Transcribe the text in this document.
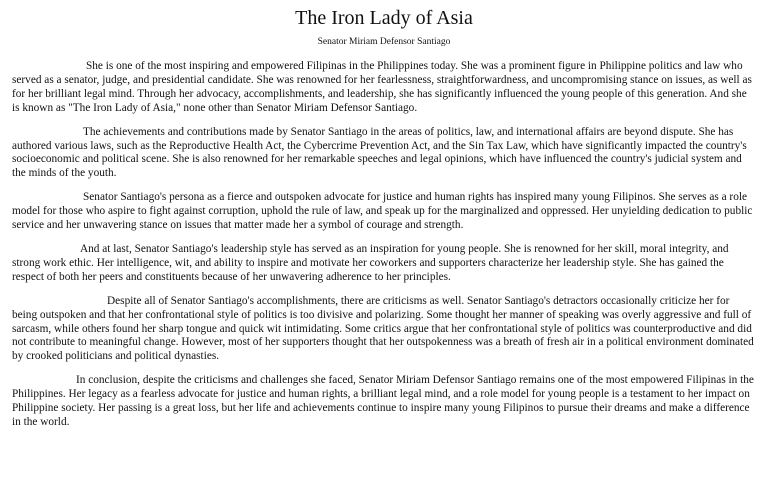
The Iron Lady of Asia
Senator Miriam Defensor Santiago

She is one of the most inspiring and empowered Filipinas in the Philippines today. She was a prominent figure in Philippine politics and law who served as a senator, judge, and presidential candidate. She was renowned for her fearlessness, straightforwardness, and uncompromising stance on issues, as well as for her brilliant legal mind. Through her advocacy, accomplishments, and leadership, she has significantly influenced the young people of this generation. And she is known as "The Iron Lady of Asia," none other than Senator Miriam Defensor Santiago.

The achievements and contributions made by Senator Santiago in the areas of politics, law, and international affairs are beyond dispute. She has authored various laws, such as the Reproductive Health Act, the Cybercrime Prevention Act, and the Sin Tax Law, which have significantly impacted the country's socioeconomic and political scene. She is also renowned for her remarkable speeches and legal opinions, which have influenced the country's judicial system and the minds of the youth.

Senator Santiago's persona as a fierce and outspoken advocate for justice and human rights has inspired many young Filipinos. She serves as a role model for those who aspire to fight against corruption, uphold the rule of law, and speak up for the marginalized and oppressed. Her unyielding dedication to public service and her unwavering stance on issues that matter made her a symbol of courage and strength.

And at last, Senator Santiago's leadership style has served as an inspiration for young people. She is renowned for her skill, moral integrity, and strong work ethic. Her intelligence, wit, and ability to inspire and motivate her coworkers and supporters characterize her leadership style. She has gained the respect of both her peers and constituents because of her unwavering adherence to her principles.

Despite all of Senator Santiago's accomplishments, there are criticisms as well. Senator Santiago's detractors occasionally criticize her for being outspoken and that her confrontational style of politics is too divisive and polarizing. Some thought her manner of speaking was overly aggressive and full of sarcasm, while others found her sharp tongue and quick wit intimidating. Some critics argue that her confrontational style of politics was counterproductive and did not contribute to meaningful change. However, most of her supporters thought that her outspokenness was a breath of fresh air in a political environment dominated by crooked politicians and political dynasties.

In conclusion, despite the criticisms and challenges she faced, Senator Miriam Defensor Santiago remains one of the most empowered Filipinas in the Philippines. Her legacy as a fearless advocate for justice and human rights, a brilliant legal mind, and a role model for young people is a testament to her impact on Philippine society. Her passing is a great loss, but her life and achievements continue to inspire many young Filipinos to pursue their dreams and make a difference in the world.
